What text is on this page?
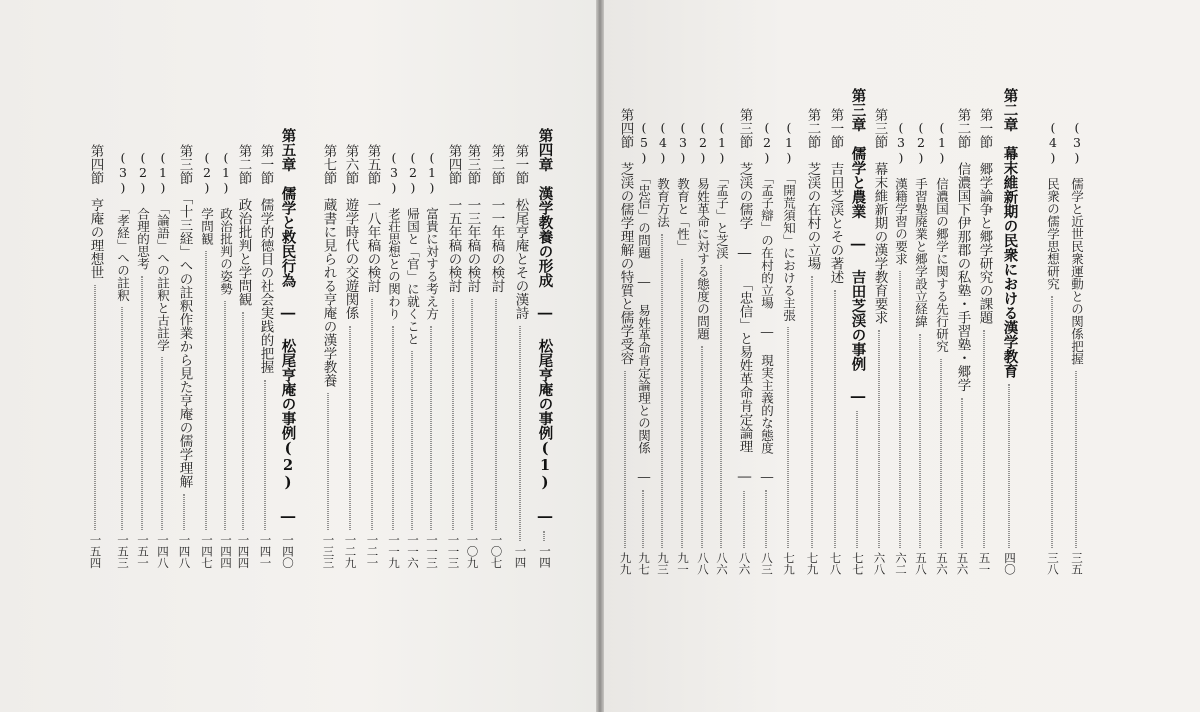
第四章　漢学教養の形成 ― 松尾亨庵の事例(1) ―
一四
第一節　松尾亨庵とその漢詩
一四
第二節　一一年稿の検討
一〇七
第三節　一三年稿の検討
一〇九
第四節　一五年稿の検討
一一三
(1)　富貴に対する考え方
一一三
(2)　帰国と「官」に就くこと
一一六
(3)　老荘思想との関わり
一一九
第五節　一八年稿の検討
一二一
第六節　遊学時代の交遊関係
一二九
第七節　蔵書に見られる亨庵の漢学教養
一三三
第五章　儒学と救民行為 ― 松尾亨庵の事例(2) ―
一四〇
第一節　儒学的徳目の社会実践的把握
一四一
第二節　政治批判と学問観
一四四
(1)　政治批判の姿勢
一四四
(2)　学問観
一四七
第三節　「十三経」への註釈作業から見た亨庵の儒学理解
一四八
(1)　「論語」への註釈と古註学
一四八
(2)　合理的思考
一五一
(3)　「孝経」への註釈
一五三
第四節　亨庵の理想世
一五四
(3)　儒学と近世民衆運動との関係把握
三五
(4)　民衆の儒学思想研究
三八
第二章　幕末維新期の民衆における漢学教育
四〇
第一節　郷学論争と郷学研究の課題
五一
第二節　信濃国下伊那郡の私塾・手習塾・郷学
五六
(1)　信濃国の郷学に関する先行研究
五六
(2)　手習塾廃業と郷学設立経緯
五八
(3)　漢籍学習の要求
六二
第三節　幕末維新期の漢学教育要求
六八
第三章　儒学と農業 ― 吉田芝渓の事例 ―
七七
第一節　吉田芝渓とその著述
七八
第二節　芝渓の在村の立場
七九
(1)　「開荒須知」における主張
七九
(2)　「孟子辯」の在村的立場 ― 現実主義的な態度 ―
八三
第三節　芝渓の儒学 ― 「忠信」と易姓革命肯定論理 ―
八六
(1)　「孟子」と芝渓
八六
(2)　易姓革命に対する態度の問題
八八
(3)　教育と「性」
九一
(4)　教育方法
九三
(5)　「忠信」の問題 ― 易姓革命肯定論理との関係 ―
九七
第四節　芝渓の儒学理解の特質と儒学受容
九九
